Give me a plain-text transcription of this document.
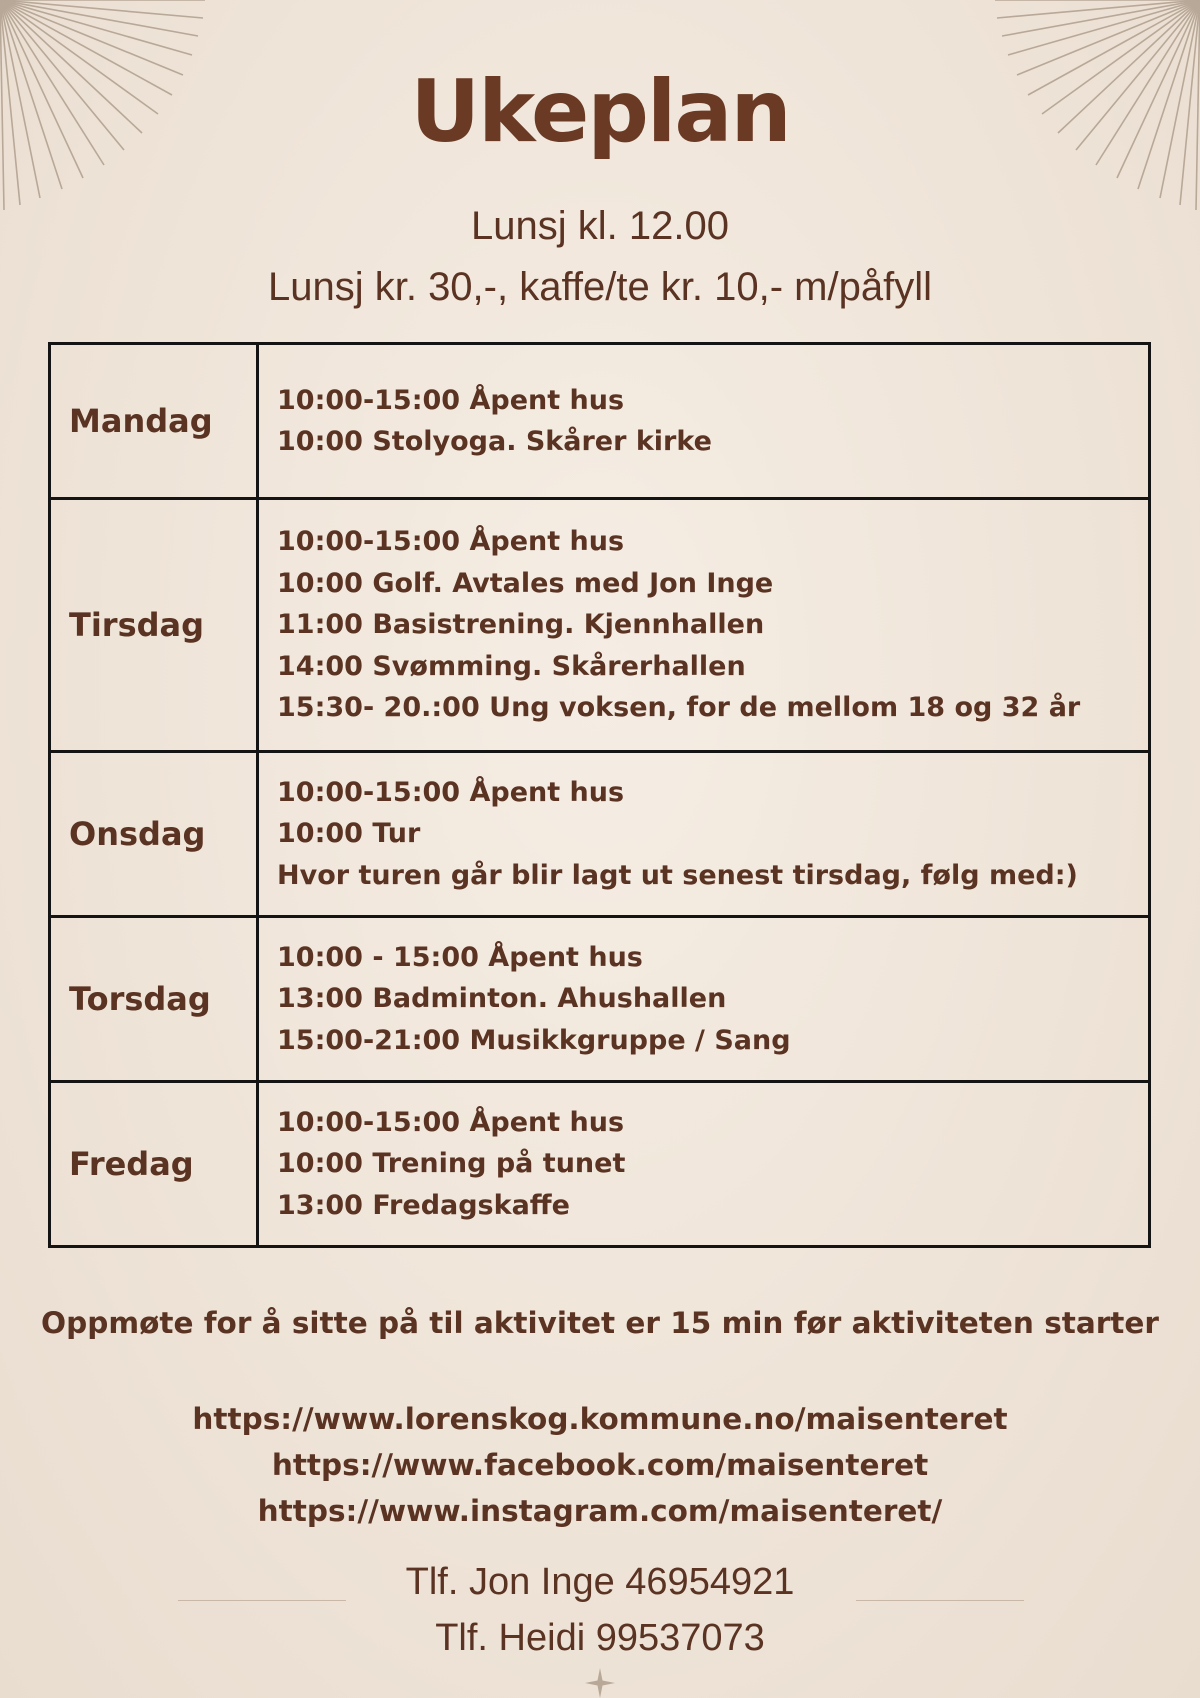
Ukeplan
Lunsj kl. 12.00
Lunsj kr. 30,-, kaffe/te kr. 10,- m/påfyll
Mandag	10:00-15:00 Åpent hus
10:00 Stolyoga. Skårer kirke

Tirsdag	10:00-15:00 Åpent hus
10:00 Golf. Avtales med Jon Inge
11:00 Basistrening. Kjennhallen
14:00 Svømming. Skårerhallen
15:30- 20.:00 Ung voksen, for de mellom 18 og 32 år

Onsdag	10:00-15:00 Åpent hus
10:00 Tur
Hvor turen går blir lagt ut senest tirsdag, følg med:)

Torsdag	10:00 - 15:00 Åpent hus
13:00 Badminton. Ahushallen
15:00-21:00 Musikkgruppe / Sang

Fredag	10:00-15:00 Åpent hus
10:00 Trening på tunet
13:00 Fredagskaffe
Oppmøte for å sitte på til aktivitet er 15 min før aktiviteten starter
https://www.lorenskog.kommune.no/maisenteret
https://www.facebook.com/maisenteret
https://www.instagram.com/maisenteret/
Tlf. Jon Inge 46954921
Tlf. Heidi 99537073
